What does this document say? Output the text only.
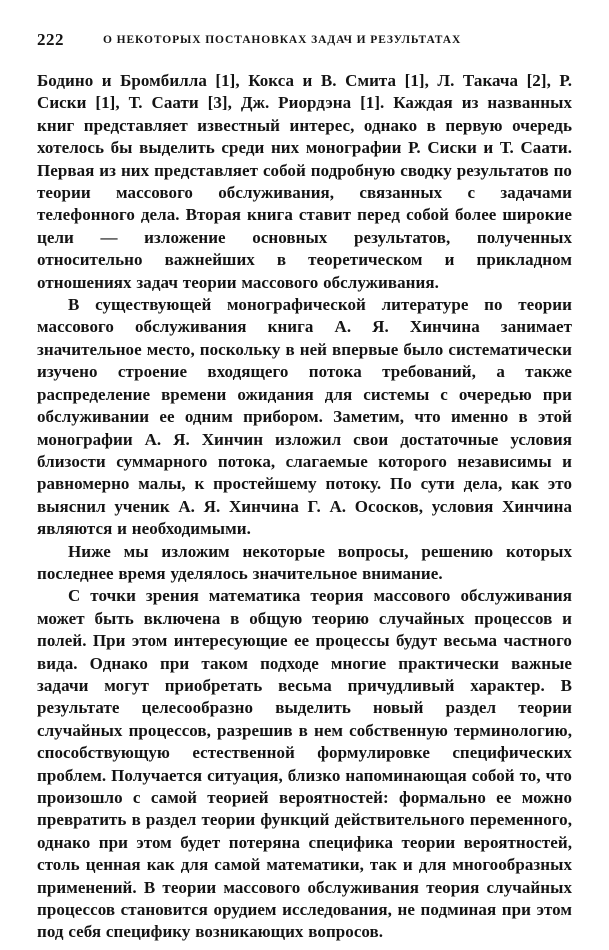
222	О НЕКОТОРЫХ ПОСТАНОВКАХ ЗАДАЧ И РЕЗУЛЬТАТАХ

Бодино и Бромбилла [1], Кокса и В. Смита [1], Л. Такача [2], Р. Сиски [1], Т. Саати [3], Дж. Риордэна [1]. Каждая из названных книг представляет известный интерес, однако в первую очередь хотелось бы выделить среди них монографии Р. Сиски и Т. Саати. Первая из них представляет собой подробную сводку результатов по теории массового обслуживания, связанных с задачами телефонного дела. Вторая книга ставит перед собой более широкие цели — изложение основных результатов, полученных относительно важнейших в теоретическом и прикладном отношениях задач теории массового обслуживания.

В существующей монографической литературе по теории массового обслуживания книга А. Я. Хинчина занимает значительное место, поскольку в ней впервые было систематически изучено строение входящего потока требований, а также распределение времени ожидания для системы с очередью при обслуживании ее одним прибором. Заметим, что именно в этой монографии А. Я. Хинчин изложил свои достаточные условия близости суммарного потока, слагаемые которого независимы и равномерно малы, к простейшему потоку. По сути дела, как это выяснил ученик А. Я. Хинчина Г. А. Ососков, условия Хинчина являются и необходимыми.

Ниже мы изложим некоторые вопросы, решению которых последнее время уделялось значительное внимание.

С точки зрения математика теория массового обслуживания может быть включена в общую теорию случайных процессов и полей. При этом интересующие ее процессы будут весьма частного вида. Однако при таком подходе многие практически важные задачи могут приобретать весьма причудливый характер. В результате целесообразно выделить новый раздел теории случайных процессов, разрешив в нем собственную терминологию, способствующую естественной формулировке специфических проблем. Получается ситуация, близко напоминающая собой то, что произошло с самой теорией вероятностей: формально ее можно превратить в раздел теории функций действительного переменного, однако при этом будет потеряна специфика теории вероятностей, столь ценная как для самой математики, так и для многообразных применений. В теории массового обслуживания теория случайных процессов становится орудием исследования, не подминая при этом под себя специфику возникающих вопросов.
